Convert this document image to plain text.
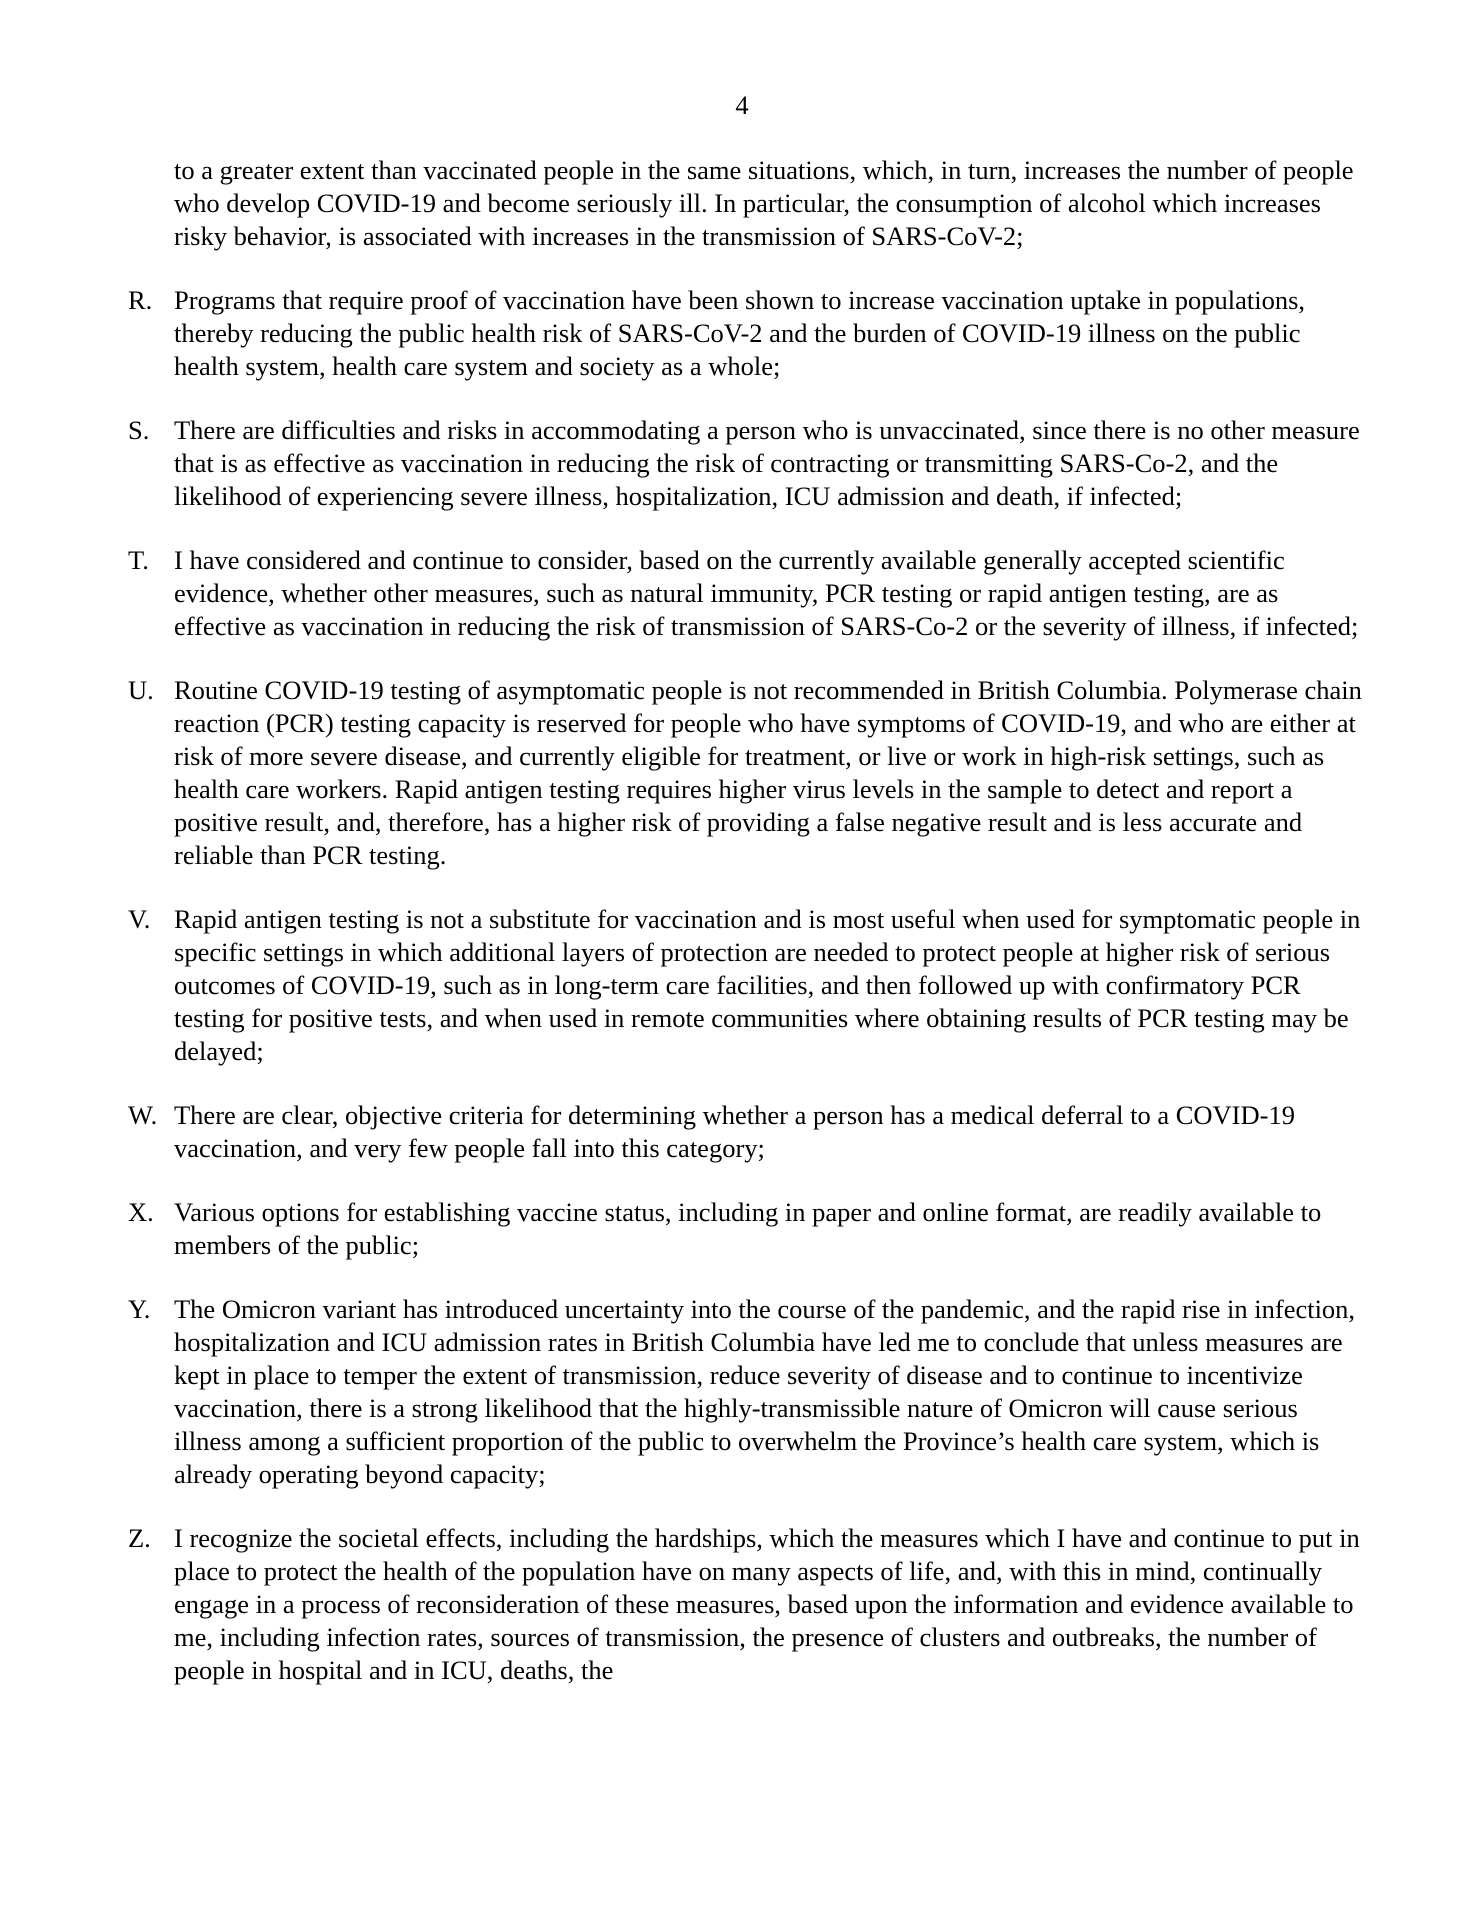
4

to a greater extent than vaccinated people in the same situations, which, in turn, increases the number of people who develop COVID-19 and become seriously ill. In particular, the consumption of alcohol which increases risky behavior, is associated with increases in the transmission of SARS-CoV-2;

R. Programs that require proof of vaccination have been shown to increase vaccination uptake in populations, thereby reducing the public health risk of SARS-CoV-2 and the burden of COVID-19 illness on the public health system, health care system and society as a whole;
S. There are difficulties and risks in accommodating a person who is unvaccinated, since there is no other measure that is as effective as vaccination in reducing the risk of contracting or transmitting SARS-Co-2, and the likelihood of experiencing severe illness, hospitalization, ICU admission and death, if infected;
T. I have considered and continue to consider, based on the currently available generally accepted scientific evidence, whether other measures, such as natural immunity, PCR testing or rapid antigen testing, are as effective as vaccination in reducing the risk of transmission of SARS-Co-2 or the severity of illness, if infected;
U. Routine COVID-19 testing of asymptomatic people is not recommended in British Columbia. Polymerase chain reaction (PCR) testing capacity is reserved for people who have symptoms of COVID-19, and who are either at risk of more severe disease, and currently eligible for treatment, or live or work in high-risk settings, such as health care workers. Rapid antigen testing requires higher virus levels in the sample to detect and report a positive result, and, therefore, has a higher risk of providing a false negative result and is less accurate and reliable than PCR testing.
V. Rapid antigen testing is not a substitute for vaccination and is most useful when used for symptomatic people in specific settings in which additional layers of protection are needed to protect people at higher risk of serious outcomes of COVID-19, such as in long-term care facilities, and then followed up with confirmatory PCR testing for positive tests, and when used in remote communities where obtaining results of PCR testing may be delayed;
W. There are clear, objective criteria for determining whether a person has a medical deferral to a COVID-19 vaccination, and very few people fall into this category;
X. Various options for establishing vaccine status, including in paper and online format, are readily available to members of the public;
Y. The Omicron variant has introduced uncertainty into the course of the pandemic, and the rapid rise in infection, hospitalization and ICU admission rates in British Columbia have led me to conclude that unless measures are kept in place to temper the extent of transmission, reduce severity of disease and to continue to incentivize vaccination, there is a strong likelihood that the highly-transmissible nature of Omicron will cause serious illness among a sufficient proportion of the public to overwhelm the Province’s health care system, which is already operating beyond capacity;
Z. I recognize the societal effects, including the hardships, which the measures which I have and continue to put in place to protect the health of the population have on many aspects of life, and, with this in mind, continually engage in a process of reconsideration of these measures, based upon the information and evidence available to me, including infection rates, sources of transmission, the presence of clusters and outbreaks, the number of people in hospital and in ICU, deaths, the
